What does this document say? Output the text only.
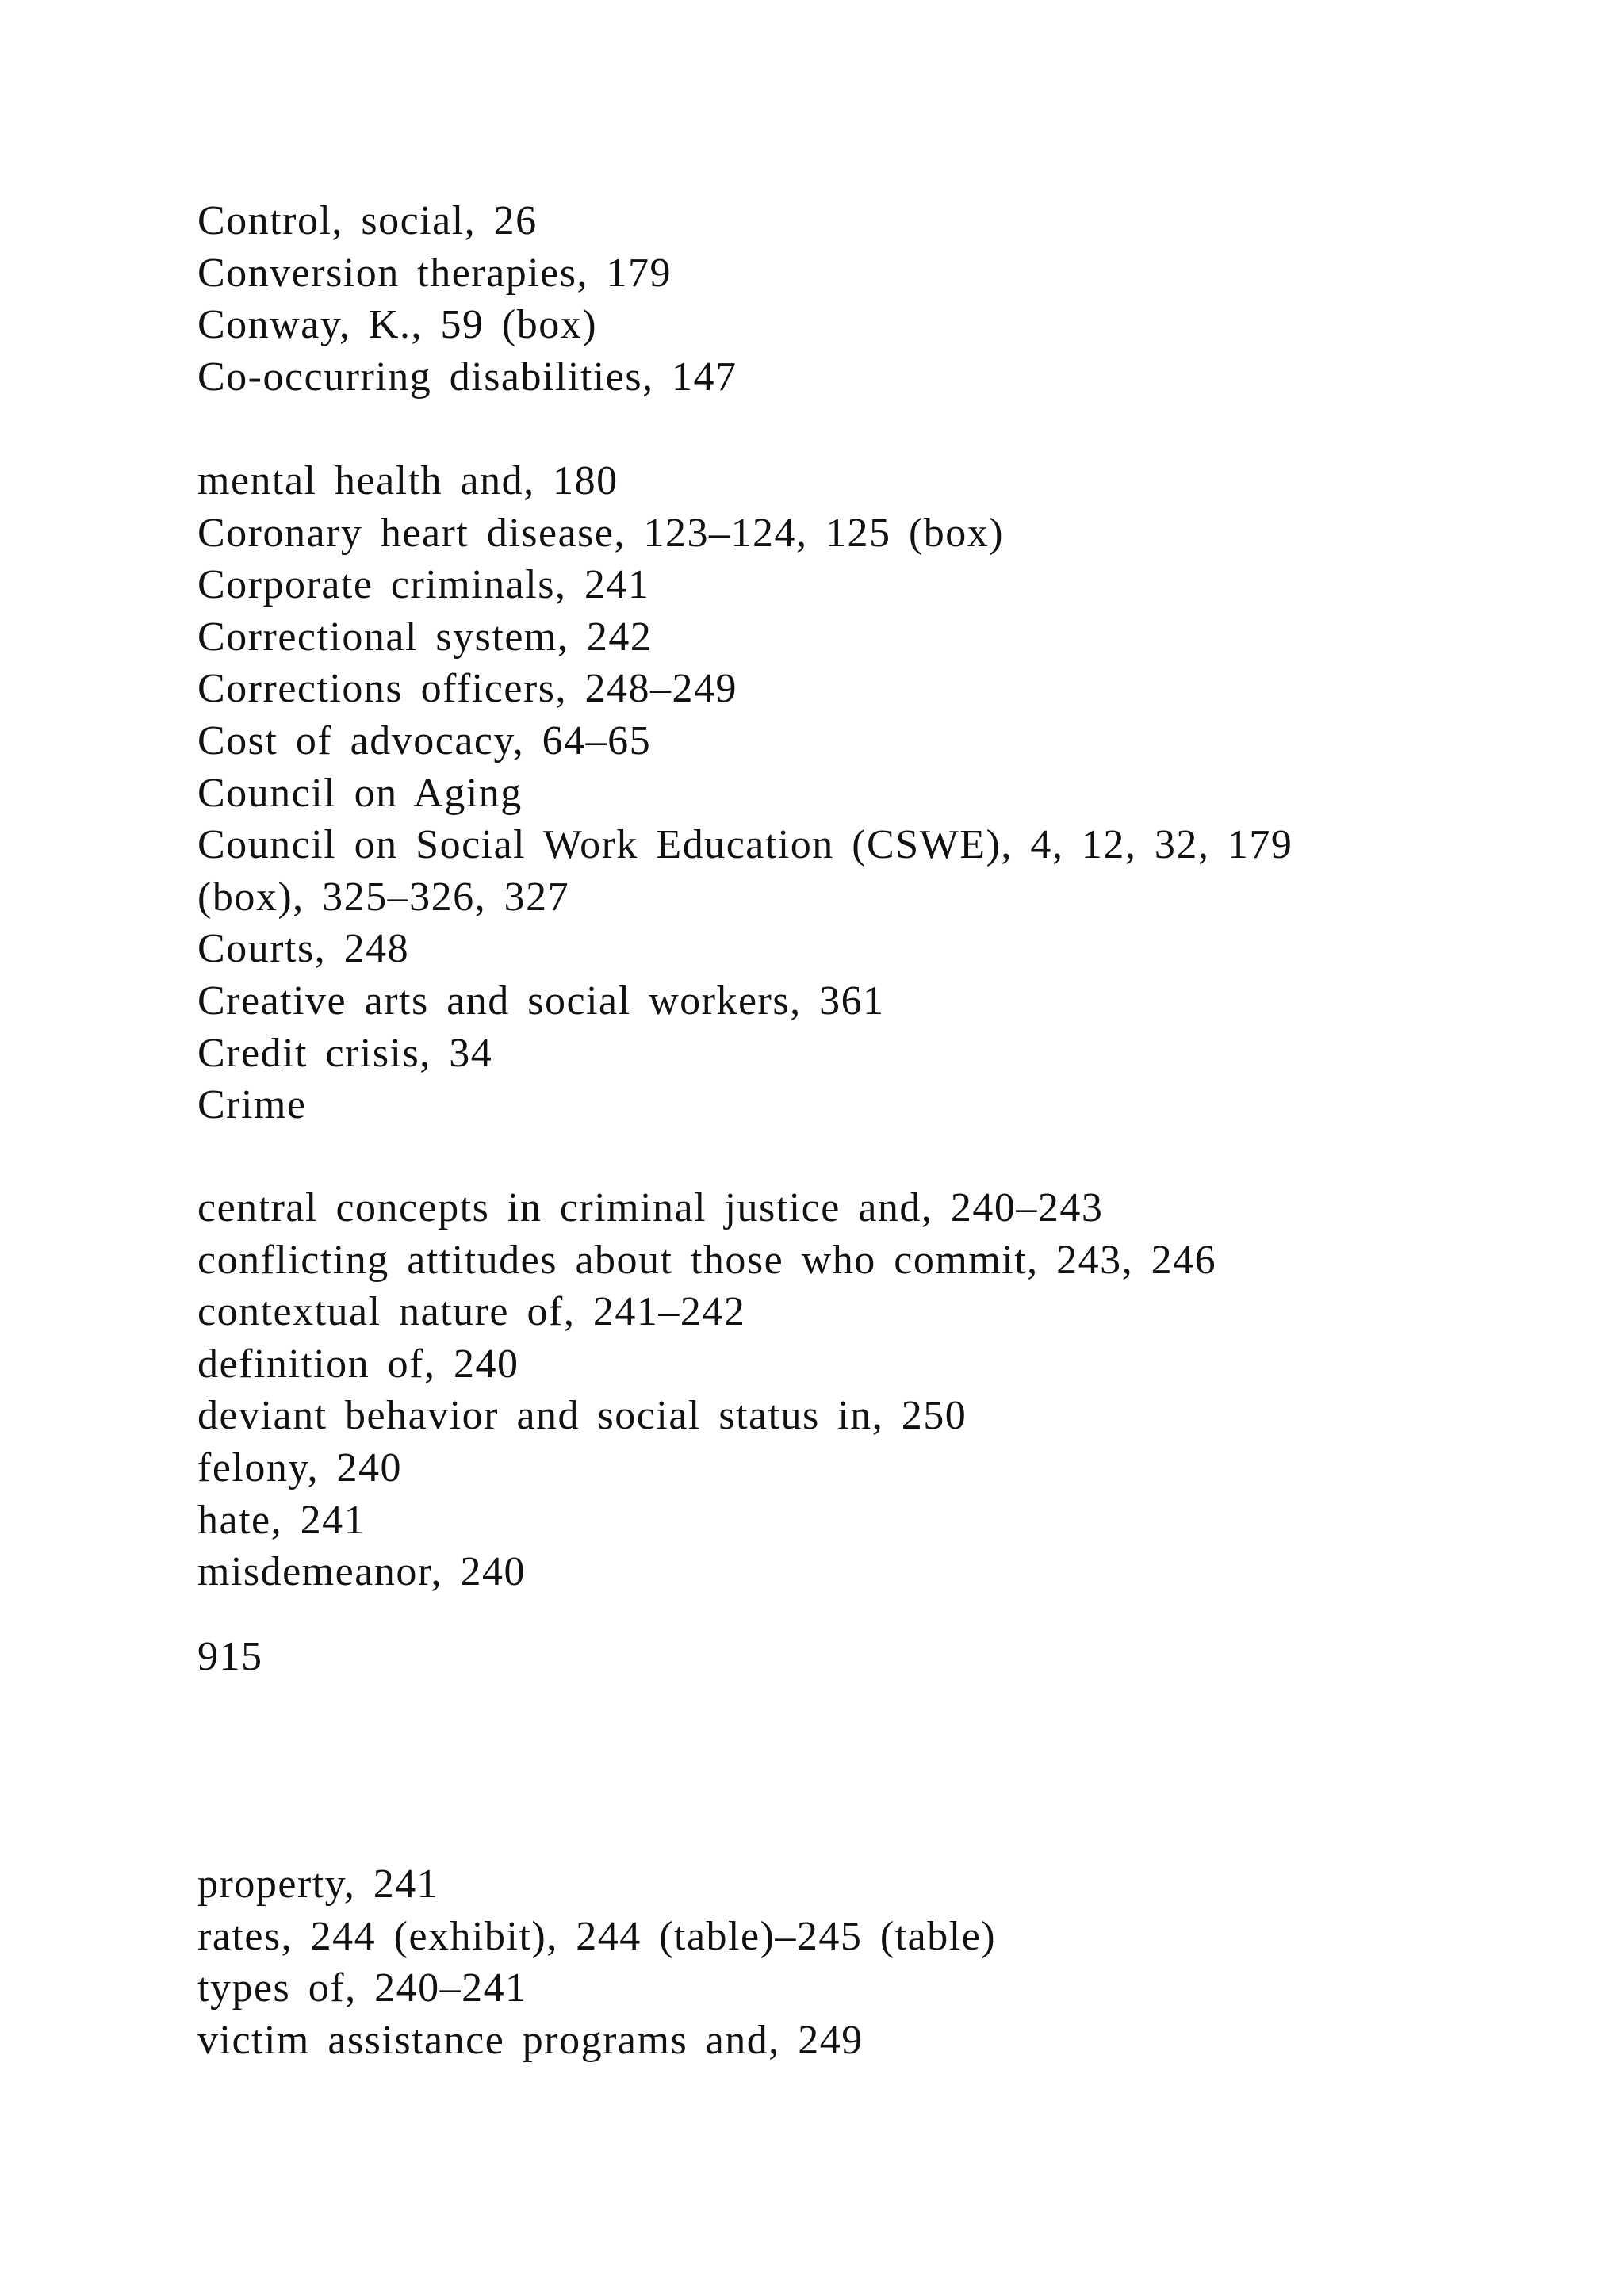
Control, social, 26
Conversion therapies, 179
Conway, K., 59 (box)
Co-occurring disabilities, 147
mental health and, 180
Coronary heart disease, 123–124, 125 (box)
Corporate criminals, 241
Correctional system, 242
Corrections officers, 248–249
Cost of advocacy, 64–65
Council on Aging
Council on Social Work Education (CSWE), 4, 12, 32, 179
(box), 325–326, 327
Courts, 248
Creative arts and social workers, 361
Credit crisis, 34
Crime
central concepts in criminal justice and, 240–243
conflicting attitudes about those who commit, 243, 246
contextual nature of, 241–242
definition of, 240
deviant behavior and social status in, 250
felony, 240
hate, 241
misdemeanor, 240
915
property, 241
rates, 244 (exhibit), 244 (table)–245 (table)
types of, 240–241
victim assistance programs and, 249
